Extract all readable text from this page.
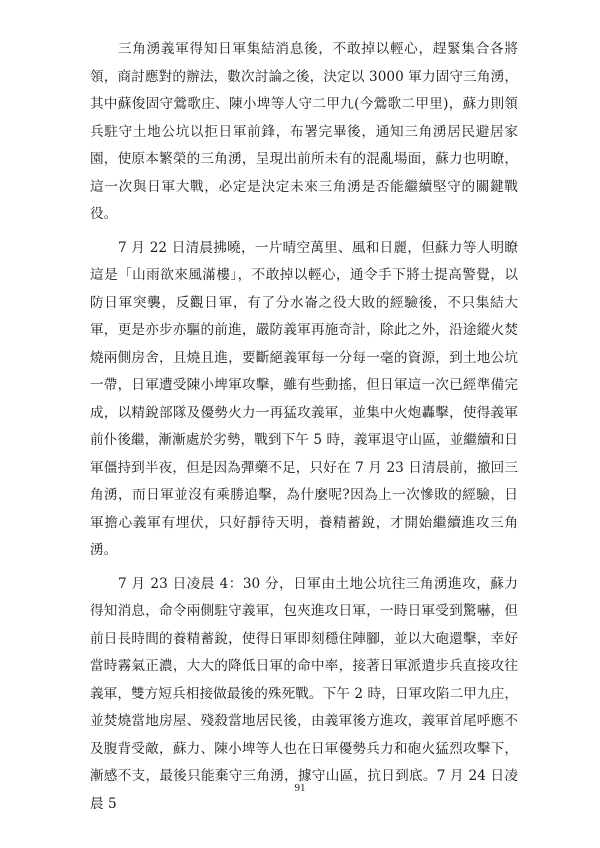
三角湧義軍得知日軍集結消息後，不敢掉以輕心，趕緊集合各將領，商討應對的辦法，數次討論之後，決定以 3000 軍力固守三角湧，其中蘇俊固守鶯歌庄、陳小埤等人守二甲九(今鶯歌二甲里)，蘇力則領兵駐守土地公坑以拒日軍前鋒，布署完畢後，通知三角湧居民避居家園，使原本繁榮的三角湧，呈現出前所未有的混亂場面，蘇力也明瞭，這一次與日軍大戰，必定是決定未來三角湧是否能繼續堅守的關鍵戰役。

7 月 22 日清晨拂曉，一片晴空萬里、風和日麗，但蘇力等人明瞭這是「山雨欲來風滿樓」，不敢掉以輕心，通令手下將士提高警覺，以防日軍突襲，反觀日軍，有了分水崙之役大敗的經驗後，不只集結大軍，更是亦步亦驅的前進，嚴防義軍再施奇計，除此之外，沿途縱火焚燒兩側房舍，且燒且進，要斷絕義軍每一分每一毫的資源，到土地公坑一帶，日軍遭受陳小埤軍攻擊，雖有些動搖，但日軍這一次已經準備完成，以精銳部隊及優勢火力一再猛攻義軍，並集中火炮轟擊，使得義軍前仆後繼，漸漸處於劣勢，戰到下午 5 時，義軍退守山區，並繼續和日軍僵持到半夜，但是因為彈藥不足，只好在 7 月 23 日清晨前，撤回三角湧，而日軍並沒有乘勝追擊，為什麼呢?因為上一次慘敗的經驗，日軍擔心義軍有埋伏，只好靜待天明，養精蓄銳，才開始繼續進攻三角湧。

7 月 23 日凌晨 4：30 分，日軍由土地公坑往三角湧進攻，蘇力得知消息，命令兩側駐守義軍，包夾進攻日軍，一時日軍受到驚嚇，但前日長時間的養精蓄銳，使得日軍即刻穩住陣腳，並以大砲還擊，幸好當時霧氣正濃，大大的降低日軍的命中率，接著日軍派遣步兵直接攻往義軍，雙方短兵相接做最後的殊死戰。下午 2 時，日軍攻陷二甲九庄，並焚燒當地房屋、殘殺當地居民後，由義軍後方進攻，義軍首尾呼應不及腹背受敵，蘇力、陳小埤等人也在日軍優勢兵力和砲火猛烈攻擊下，漸感不支，最後只能棄守三角湧，據守山區，抗日到底。7 月 24 日凌晨 5

91
